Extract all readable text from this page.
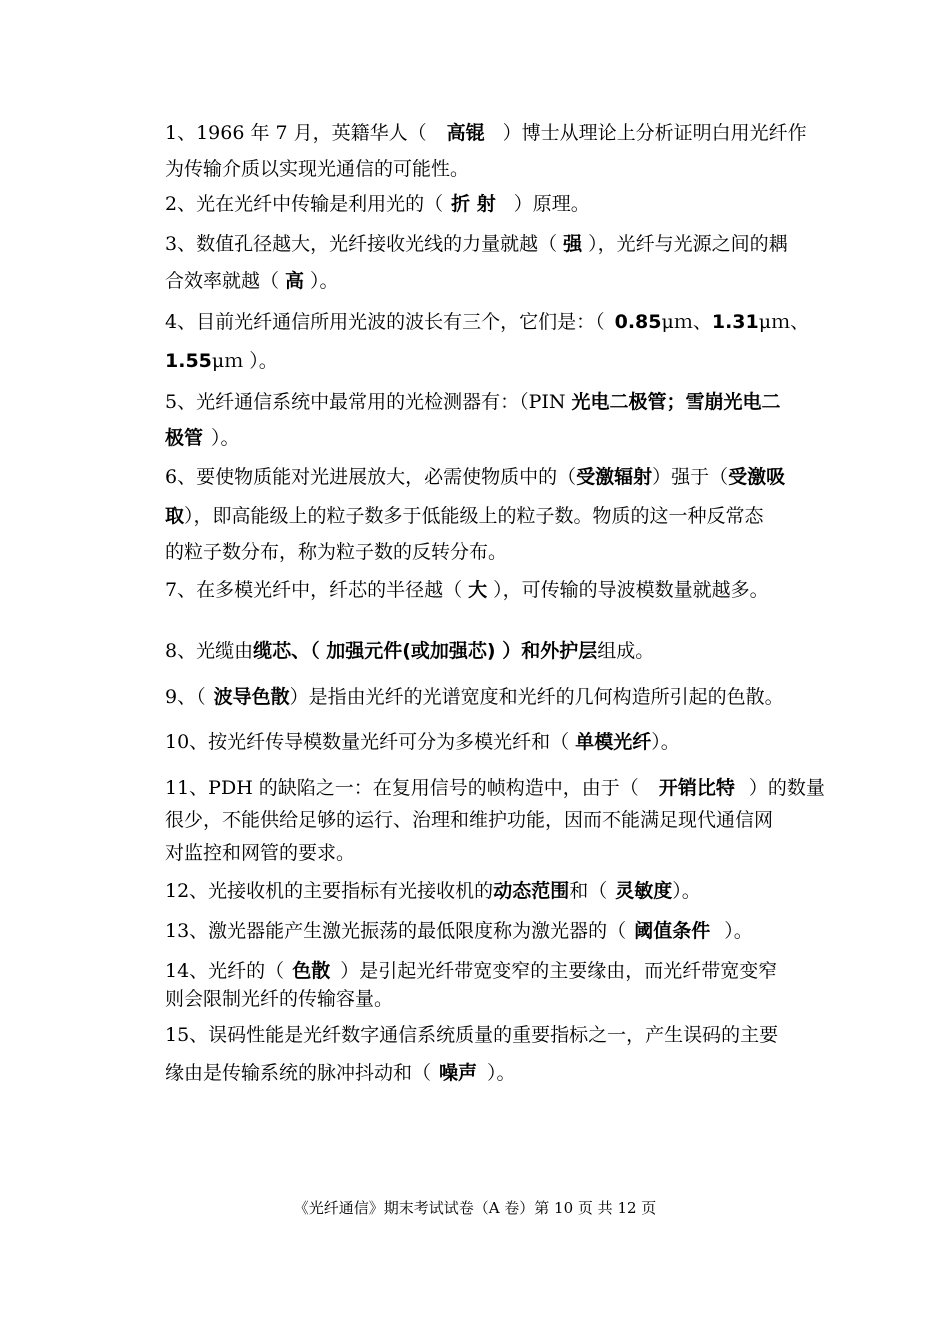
1、1966 年 7 月，英籍华人（ 高锟 ）博士从理论上分析证明白用光纤作
为传输介质以实现光通信的可能性。
2、光在光纤中传输是利用光的（ 折 射 ）原理。
3、数值孔径越大，光纤接收光线的力量就越（ 强 ），光纤与光源之间的耦
合效率就越（ 高 ）。
4、目前光纤通信所用光波的波长有三个，它们是：（ 0.85μｍ、1.31μｍ、
1.55μｍ ）。
5、光纤通信系统中最常用的光检测器有：（PIN 光电二极管；雪崩光电二
极管 ）。
6、要使物质能对光进展放大，必需使物质中的（受激辐射）强于（受激吸
取），即高能级上的粒子数多于低能级上的粒子数。物质的这一种反常态
的粒子数分布，称为粒子数的反转分布。
7、在多模光纤中，纤芯的半径越（ 大 ），可传输的导波模数量就越多。
8、光缆由缆芯、（ 加强元件(或加强芯) ）和外护层组成。
9、（ 波导色散）是指由光纤的光谱宽度和光纤的几何构造所引起的色散。
10、按光纤传导模数量光纤可分为多模光纤和（ 单模光纤）。
11、PDH 的缺陷之一：在复用信号的帧构造中，由于（ 开销比特 ）的数量
很少，不能供给足够的运行、治理和维护功能，因而不能满足现代通信网
对监控和网管的要求。
12、光接收机的主要指标有光接收机的动态范围和（ 灵敏度）。
13、激光器能产生激光振荡的最低限度称为激光器的（ 阈值条件 ）。
14、光纤的（ 色散 ）是引起光纤带宽变窄的主要缘由，而光纤带宽变窄
则会限制光纤的传输容量。
15、误码性能是光纤数字通信系统质量的重要指标之一，产生误码的主要
缘由是传输系统的脉冲抖动和（ 噪声 ）。
《光纤通信》期末考试试卷（A 卷）第 10 页 共 12 页
